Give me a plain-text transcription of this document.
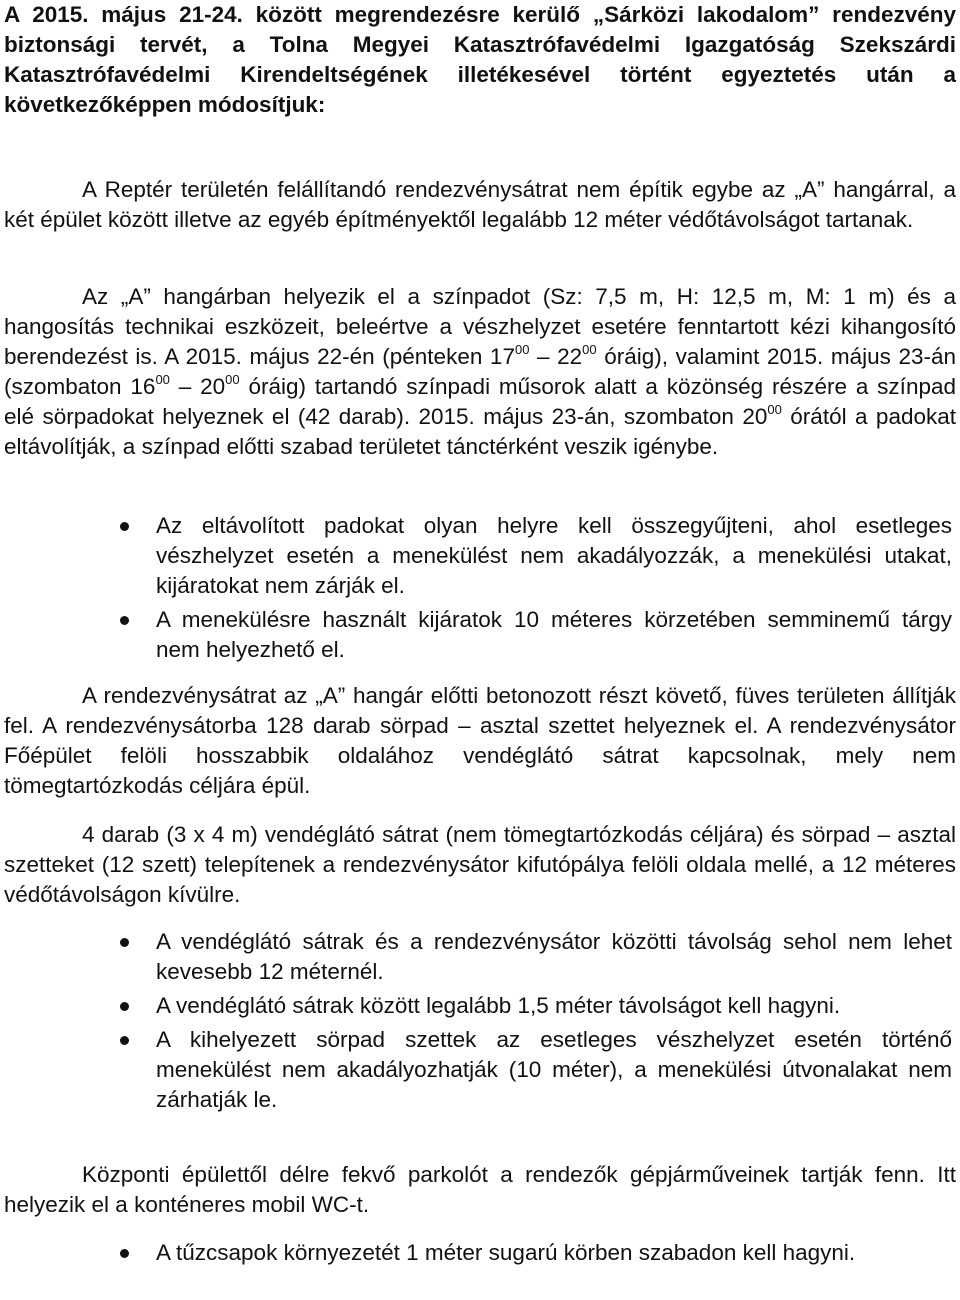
A 2015. május 21-24. között megrendezésre kerülő „Sárközi lakodalom” rendezvény biztonsági tervét, a Tolna Megyei Katasztrófavédelmi Igazgatóság Szekszárdi Katasztrófavédelmi Kirendeltségének illetékesével történt egyeztetés után a következőképpen módosítjuk:

A Reptér területén felállítandó rendezvénysátrat nem építik egybe az „A” hangárral, a két épület között illetve az egyéb építményektől legalább 12 méter védőtávolságot tartanak.

Az „A” hangárban helyezik el a színpadot (Sz: 7,5 m, H: 12,5 m, M: 1 m) és a hangosítás technikai eszközeit, beleértve a vészhelyzet esetére fenntartott kézi kihangosító berendezést is. A 2015. május 22-én (pénteken $17^{00} - 22^{00}$ óráig), valamint 2015. május 23-án (szombaton $16^{00} - 20^{00}$ óráig) tartandó színpadi műsorok alatt a közönség részére a színpad elé sörpadokat helyeznek el (42 darab). 2015. május 23-án, szombaton $20^{00}$ órától a padokat eltávolítják, a színpad előtti szabad területet tánctérként veszik igénybe.

Az eltávolított padokat olyan helyre kell összegyűjteni, ahol esetleges vészhelyzet esetén a menekülést nem akadályozzák, a menekülési utakat, kijáratokat nem zárják el.
A menekülésre használt kijáratok 10 méteres körzetében semminemű tárgy nem helyezhető el.

A rendezvénysátrat az „A” hangár előtti betonozott részt követő, füves területen állítják fel. A rendezvénysátorba 128 darab sörpad – asztal szettet helyeznek el. A rendezvénysátor Főépület felöli hosszabbik oldalához vendéglátó sátrat kapcsolnak, mely nem tömegtartózkodás céljára épül.

4 darab (3 x 4 m) vendéglátó sátrat (nem tömegtartózkodás céljára) és sörpad – asztal szetteket (12 szett) telepítenek a rendezvénysátor kifutópálya felöli oldala mellé, a 12 méteres védőtávolságon kívülre.

A vendéglátó sátrak és a rendezvénysátor közötti távolság sehol nem lehet kevesebb 12 méternél.
A vendéglátó sátrak között legalább 1,5 méter távolságot kell hagyni.
A kihelyezett sörpad szettek az esetleges vészhelyzet esetén történő menekülést nem akadályozhatják (10 méter), a menekülési útvonalakat nem zárhatják le.

Központi épülettől délre fekvő parkolót a rendezők gépjárműveinek tartják fenn. Itt helyezik el a konténeres mobil WC-t.

A tűzcsapok környezetét 1 méter sugarú körben szabadon kell hagyni.
